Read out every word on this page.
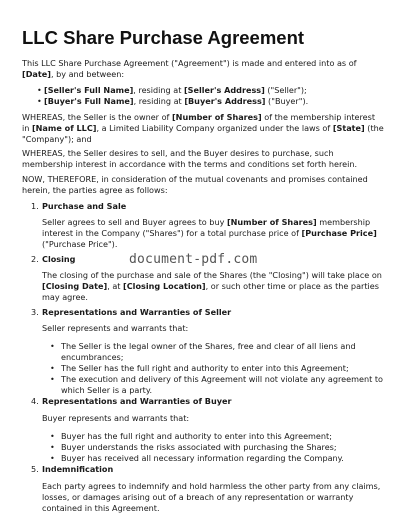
LLC Share Purchase Agreement
This LLC Share Purchase Agreement ("Agreement") is made and entered into as of [Date], by and between:
• [Seller's Full Name], residing at [Seller's Address] ("Seller");
• [Buyer's Full Name], residing at [Buyer's Address] ("Buyer").
WHEREAS, the Seller is the owner of [Number of Shares] of the membership interest in [Name of LLC], a Limited Liability Company organized under the laws of [State] (the "Company"); and
WHEREAS, the Seller desires to sell, and the Buyer desires to purchase, such membership interest in accordance with the terms and conditions set forth herein.
NOW, THEREFORE, in consideration of the mutual covenants and promises contained herein, the parties agree as follows:
1. Purchase and Sale
Seller agrees to sell and Buyer agrees to buy [Number of Shares] membership interest in the Company ("Shares") for a total purchase price of [Purchase Price] ("Purchase Price").
2. Closing
The closing of the purchase and sale of the Shares (the "Closing") will take place on [Closing Date], at [Closing Location], or such other time or place as the parties may agree.
document-pdf.com
3. Representations and Warranties of Seller
Seller represents and warrants that:
• The Seller is the legal owner of the Shares, free and clear of all liens and encumbrances;
• The Seller has the full right and authority to enter into this Agreement;
• The execution and delivery of this Agreement will not violate any agreement to which Seller is a party.
4. Representations and Warranties of Buyer
Buyer represents and warrants that:
• Buyer has the full right and authority to enter into this Agreement;
• Buyer understands the risks associated with purchasing the Shares;
• Buyer has received all necessary information regarding the Company.
5. Indemnification
Each party agrees to indemnify and hold harmless the other party from any claims, losses, or damages arising out of a breach of any representation or warranty contained in this Agreement.
